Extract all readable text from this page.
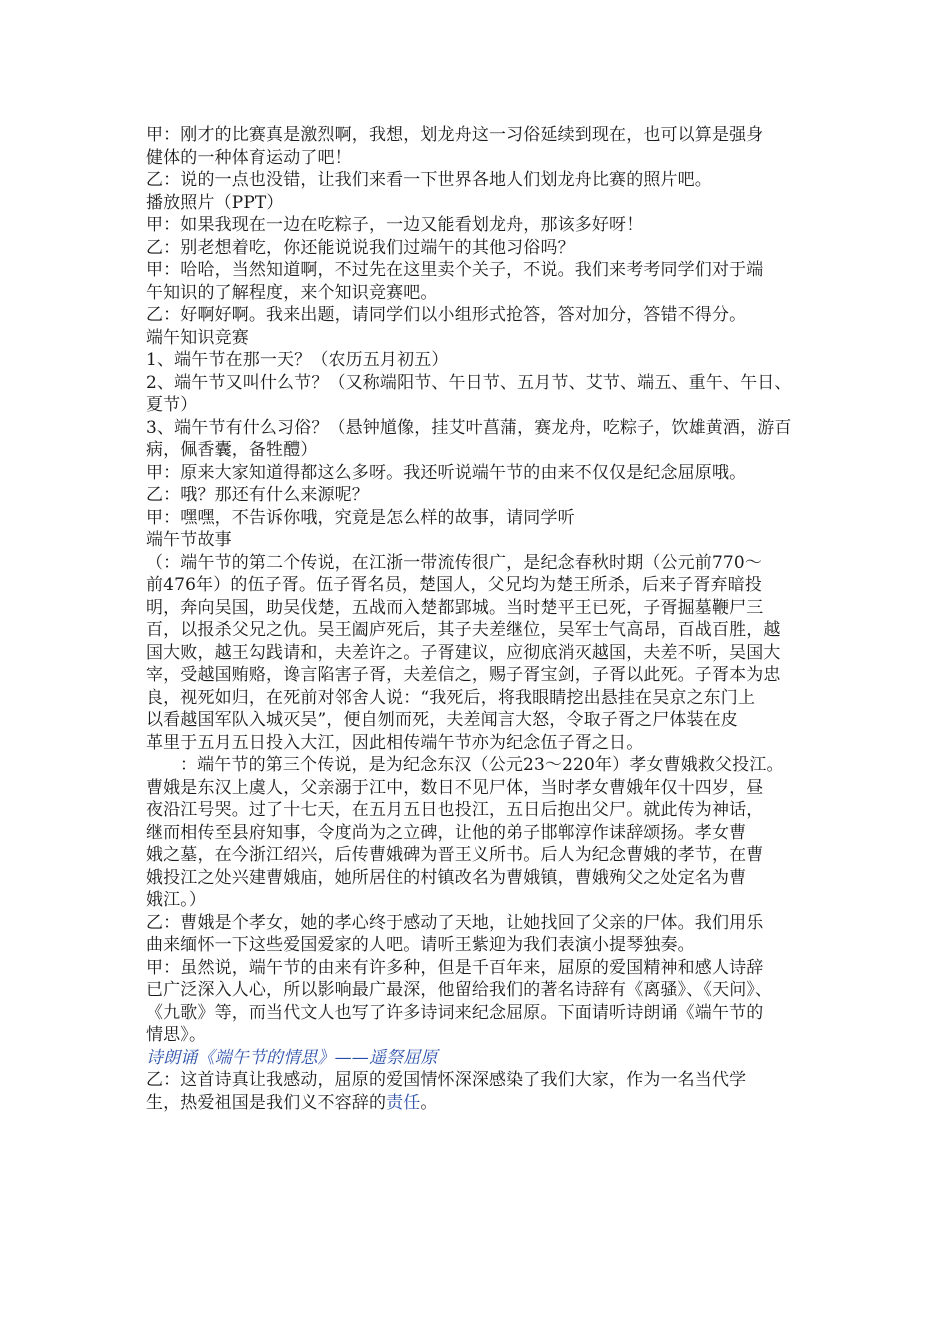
甲：刚才的比赛真是激烈啊，我想，划龙舟这一习俗延续到现在，也可以算是强身
健体的一种体育运动了吧！
乙：说的一点也没错，让我们来看一下世界各地人们划龙舟比赛的照片吧。
播放照片（PPT）
甲：如果我现在一边在吃粽子，一边又能看划龙舟，那该多好呀！
乙：别老想着吃，你还能说说我们过端午的其他习俗吗？
甲：哈哈，当然知道啊，不过先在这里卖个关子，不说。我们来考考同学们对于端
午知识的了解程度，来个知识竞赛吧。
乙：好啊好啊。我来出题，请同学们以小组形式抢答，答对加分，答错不得分。
端午知识竞赛
1、端午节在那一天？（农历五月初五）
2、端午节又叫什么节？（又称端阳节、午日节、五月节、艾节、端五、重午、午日、
夏节）
3、端午节有什么习俗？（悬钟馗像，挂艾叶菖蒲，赛龙舟，吃粽子，饮雄黄酒，游百
病，佩香囊，备牲醴）
甲：原来大家知道得都这么多呀。我还听说端午节的由来不仅仅是纪念屈原哦。
乙：哦？那还有什么来源呢？
甲：嘿嘿，不告诉你哦，究竟是怎么样的故事，请同学听
端午节故事
（：端午节的第二个传说，在江浙一带流传很广，是纪念春秋时期（公元前770～
前476年）的伍子胥。伍子胥名员，楚国人，父兄均为楚王所杀，后来子胥弃暗投
明，奔向吴国，助吴伐楚，五战而入楚都郢城。当时楚平王已死，子胥掘墓鞭尸三
百，以报杀父兄之仇。吴王阖庐死后，其子夫差继位，吴军士气高昂，百战百胜，越
国大败，越王勾践请和，夫差许之。子胥建议，应彻底消灭越国，夫差不听，吴国大
宰，受越国贿赂，谗言陷害子胥，夫差信之，赐子胥宝剑，子胥以此死。子胥本为忠
良，视死如归，在死前对邻舍人说：“我死后，将我眼睛挖出悬挂在吴京之东门上
以看越国军队入城灭吴”，便自刎而死，夫差闻言大怒，令取子胥之尸体装在皮
革里于五月五日投入大江，因此相传端午节亦为纪念伍子胥之日。
：端午节的第三个传说，是为纪念东汉（公元23～220年）孝女曹娥救父投江。
曹娥是东汉上虞人，父亲溺于江中，数日不见尸体，当时孝女曹娥年仅十四岁，昼
夜沿江号哭。过了十七天，在五月五日也投江，五日后抱出父尸。就此传为神话，
继而相传至县府知事，令度尚为之立碑，让他的弟子邯郸淳作诔辞颂扬。孝女曹
娥之墓，在今浙江绍兴，后传曹娥碑为晋王义所书。后人为纪念曹娥的孝节，在曹
娥投江之处兴建曹娥庙，她所居住的村镇改名为曹娥镇，曹娥殉父之处定名为曹
娥江。）
乙：曹娥是个孝女，她的孝心终于感动了天地，让她找回了父亲的尸体。我们用乐
曲来缅怀一下这些爱国爱家的人吧。请听王紫迎为我们表演小提琴独奏。
甲：虽然说，端午节的由来有许多种，但是千百年来，屈原的爱国精神和感人诗辞
已广泛深入人心，所以影响最广最深，他留给我们的著名诗辞有《离骚》、《天问》、
《九歌》等，而当代文人也写了许多诗词来纪念屈原。下面请听诗朗诵《端午节的
情思》。
诗朗诵《端午节的情思》——遥祭屈原
乙：这首诗真让我感动，屈原的爱国情怀深深感染了我们大家，作为一名当代学
生，热爱祖国是我们义不容辞的责任。
